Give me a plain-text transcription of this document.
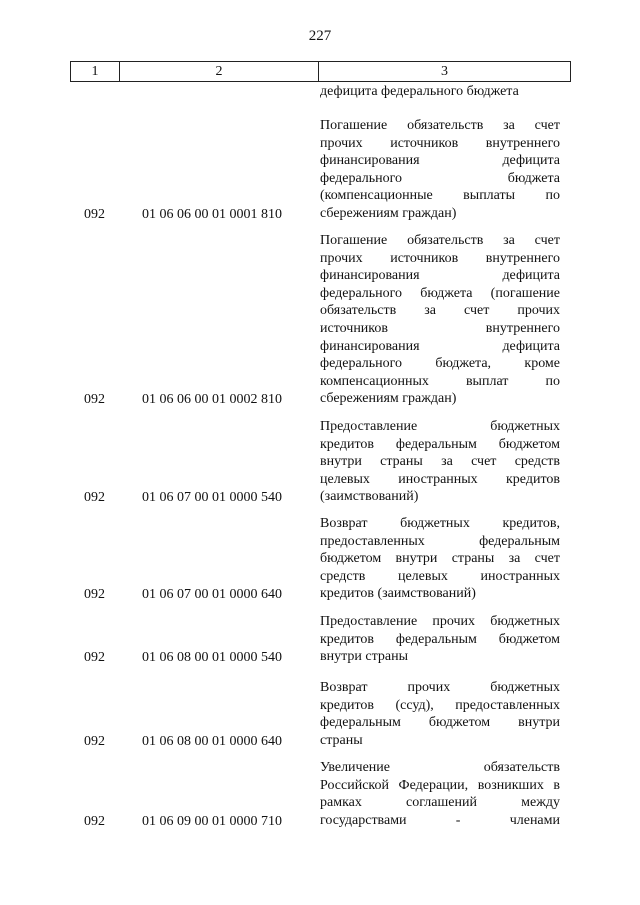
227
1	2	3
дефицита федерального бюджета
092	01 06 06 00 01 0001 810
Погашение обязательств за счет
прочих источников внутреннего
финансирования дефицита
федерального бюджета
(компенсационные выплаты по
сбережениям граждан)
092	01 06 06 00 01 0002 810
Погашение обязательств за счет
прочих источников внутреннего
финансирования дефицита
федерального бюджета (погашение
обязательств за счет прочих
источников внутреннего
финансирования дефицита
федерального бюджета, кроме
компенсационных выплат по
сбережениям граждан)
092	01 06 07 00 01 0000 540
Предоставление бюджетных
кредитов федеральным бюджетом
внутри страны за счет средств
целевых иностранных кредитов
(заимствований)
092	01 06 07 00 01 0000 640
Возврат бюджетных кредитов,
предоставленных федеральным
бюджетом внутри страны за счет
средств целевых иностранных
кредитов (заимствований)
092	01 06 08 00 01 0000 540
Предоставление прочих бюджетных
кредитов федеральным бюджетом
внутри страны
092	01 06 08 00 01 0000 640
Возврат прочих бюджетных
кредитов (ссуд), предоставленных
федеральным бюджетом внутри
страны
092	01 06 09 00 01 0000 710
Увеличение обязательств
Российской Федерации, возникших в
рамках соглашений между
государствами - членами
